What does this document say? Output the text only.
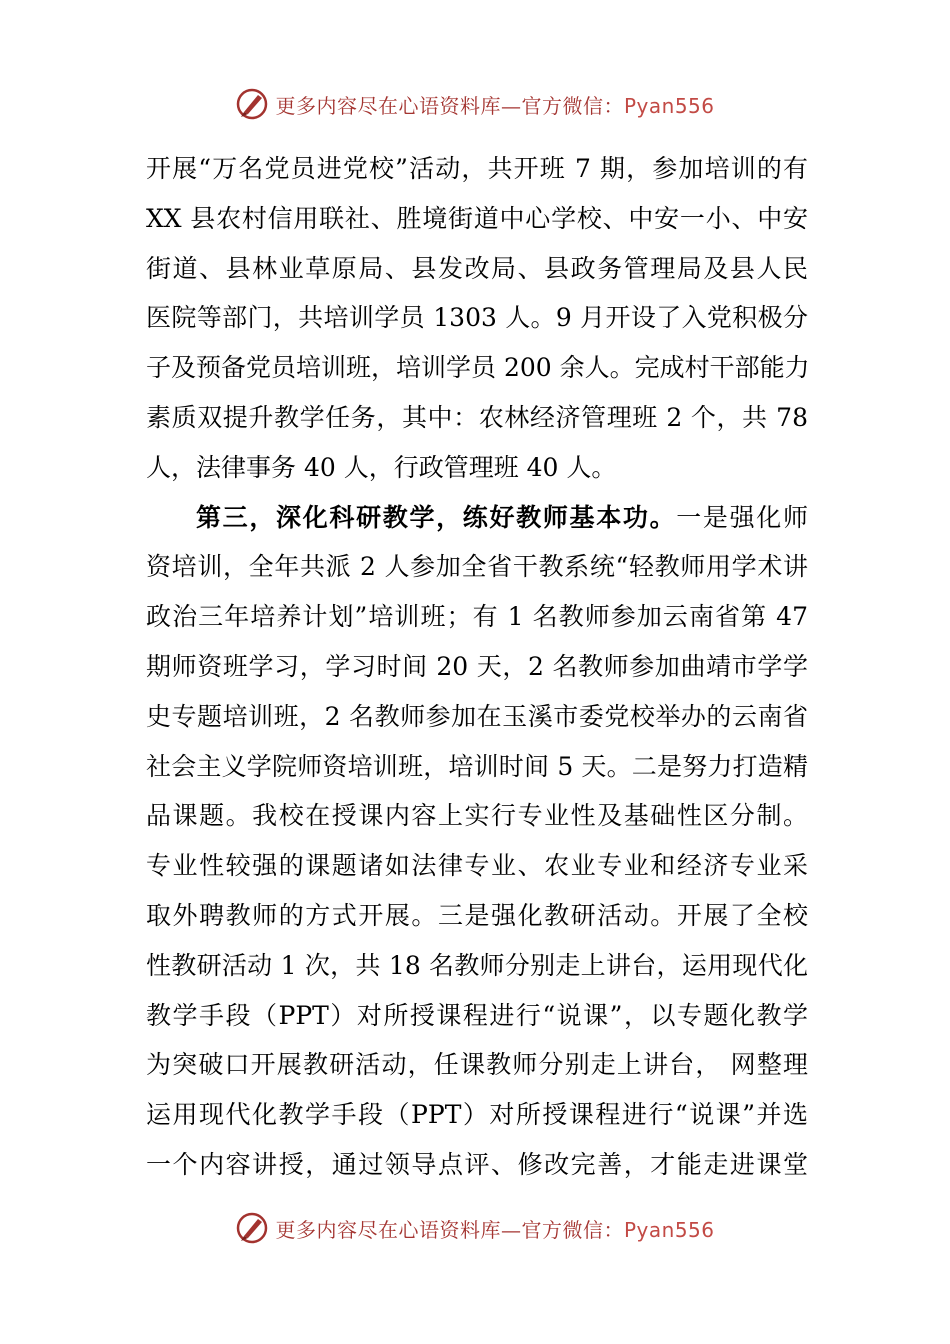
更多内容尽在心语资料库—官方微信：Pyan556
开展“万名党员进党校”活动，共开班 7 期，参加培训的有
XX 县农村信用联社、胜境街道中心学校、中安一小、中安
街道、县林业草原局、县发改局、县政务管理局及县人民
医院等部门，共培训学员 1303 人。9 月开设了入党积极分
子及预备党员培训班，培训学员 200 余人。完成村干部能力
素质双提升教学任务，其中：农林经济管理班 2 个，共 78
人，法律事务 40 人，行政管理班 40 人。
第三，深化科研教学，练好教师基本功。一是强化师
资培训，全年共派 2 人参加全省干教系统“轻教师用学术讲
政治三年培养计划”培训班；有 1 名教师参加云南省第 47
期师资班学习，学习时间 20 天，2 名教师参加曲靖市学学
史专题培训班，2 名教师参加在玉溪市委党校举办的云南省
社会主义学院师资培训班，培训时间 5 天。二是努力打造精
品课题。我校在授课内容上实行专业性及基础性区分制。
专业性较强的课题诸如法律专业、农业专业和经济专业采
取外聘教师的方式开展。三是强化教研活动。开展了全校
性教研活动 1 次，共 18 名教师分别走上讲台，运用现代化
教学手段（PPT）对所授课程进行“说课”，以专题化教学
为突破口开展教研活动，任课教师分别走上讲台， 网整理
运用现代化教学手段（PPT）对所授课程进行“说课”并选
一个内容讲授，通过领导点评、修改完善，才能走进课堂
更多内容尽在心语资料库—官方微信：Pyan556
